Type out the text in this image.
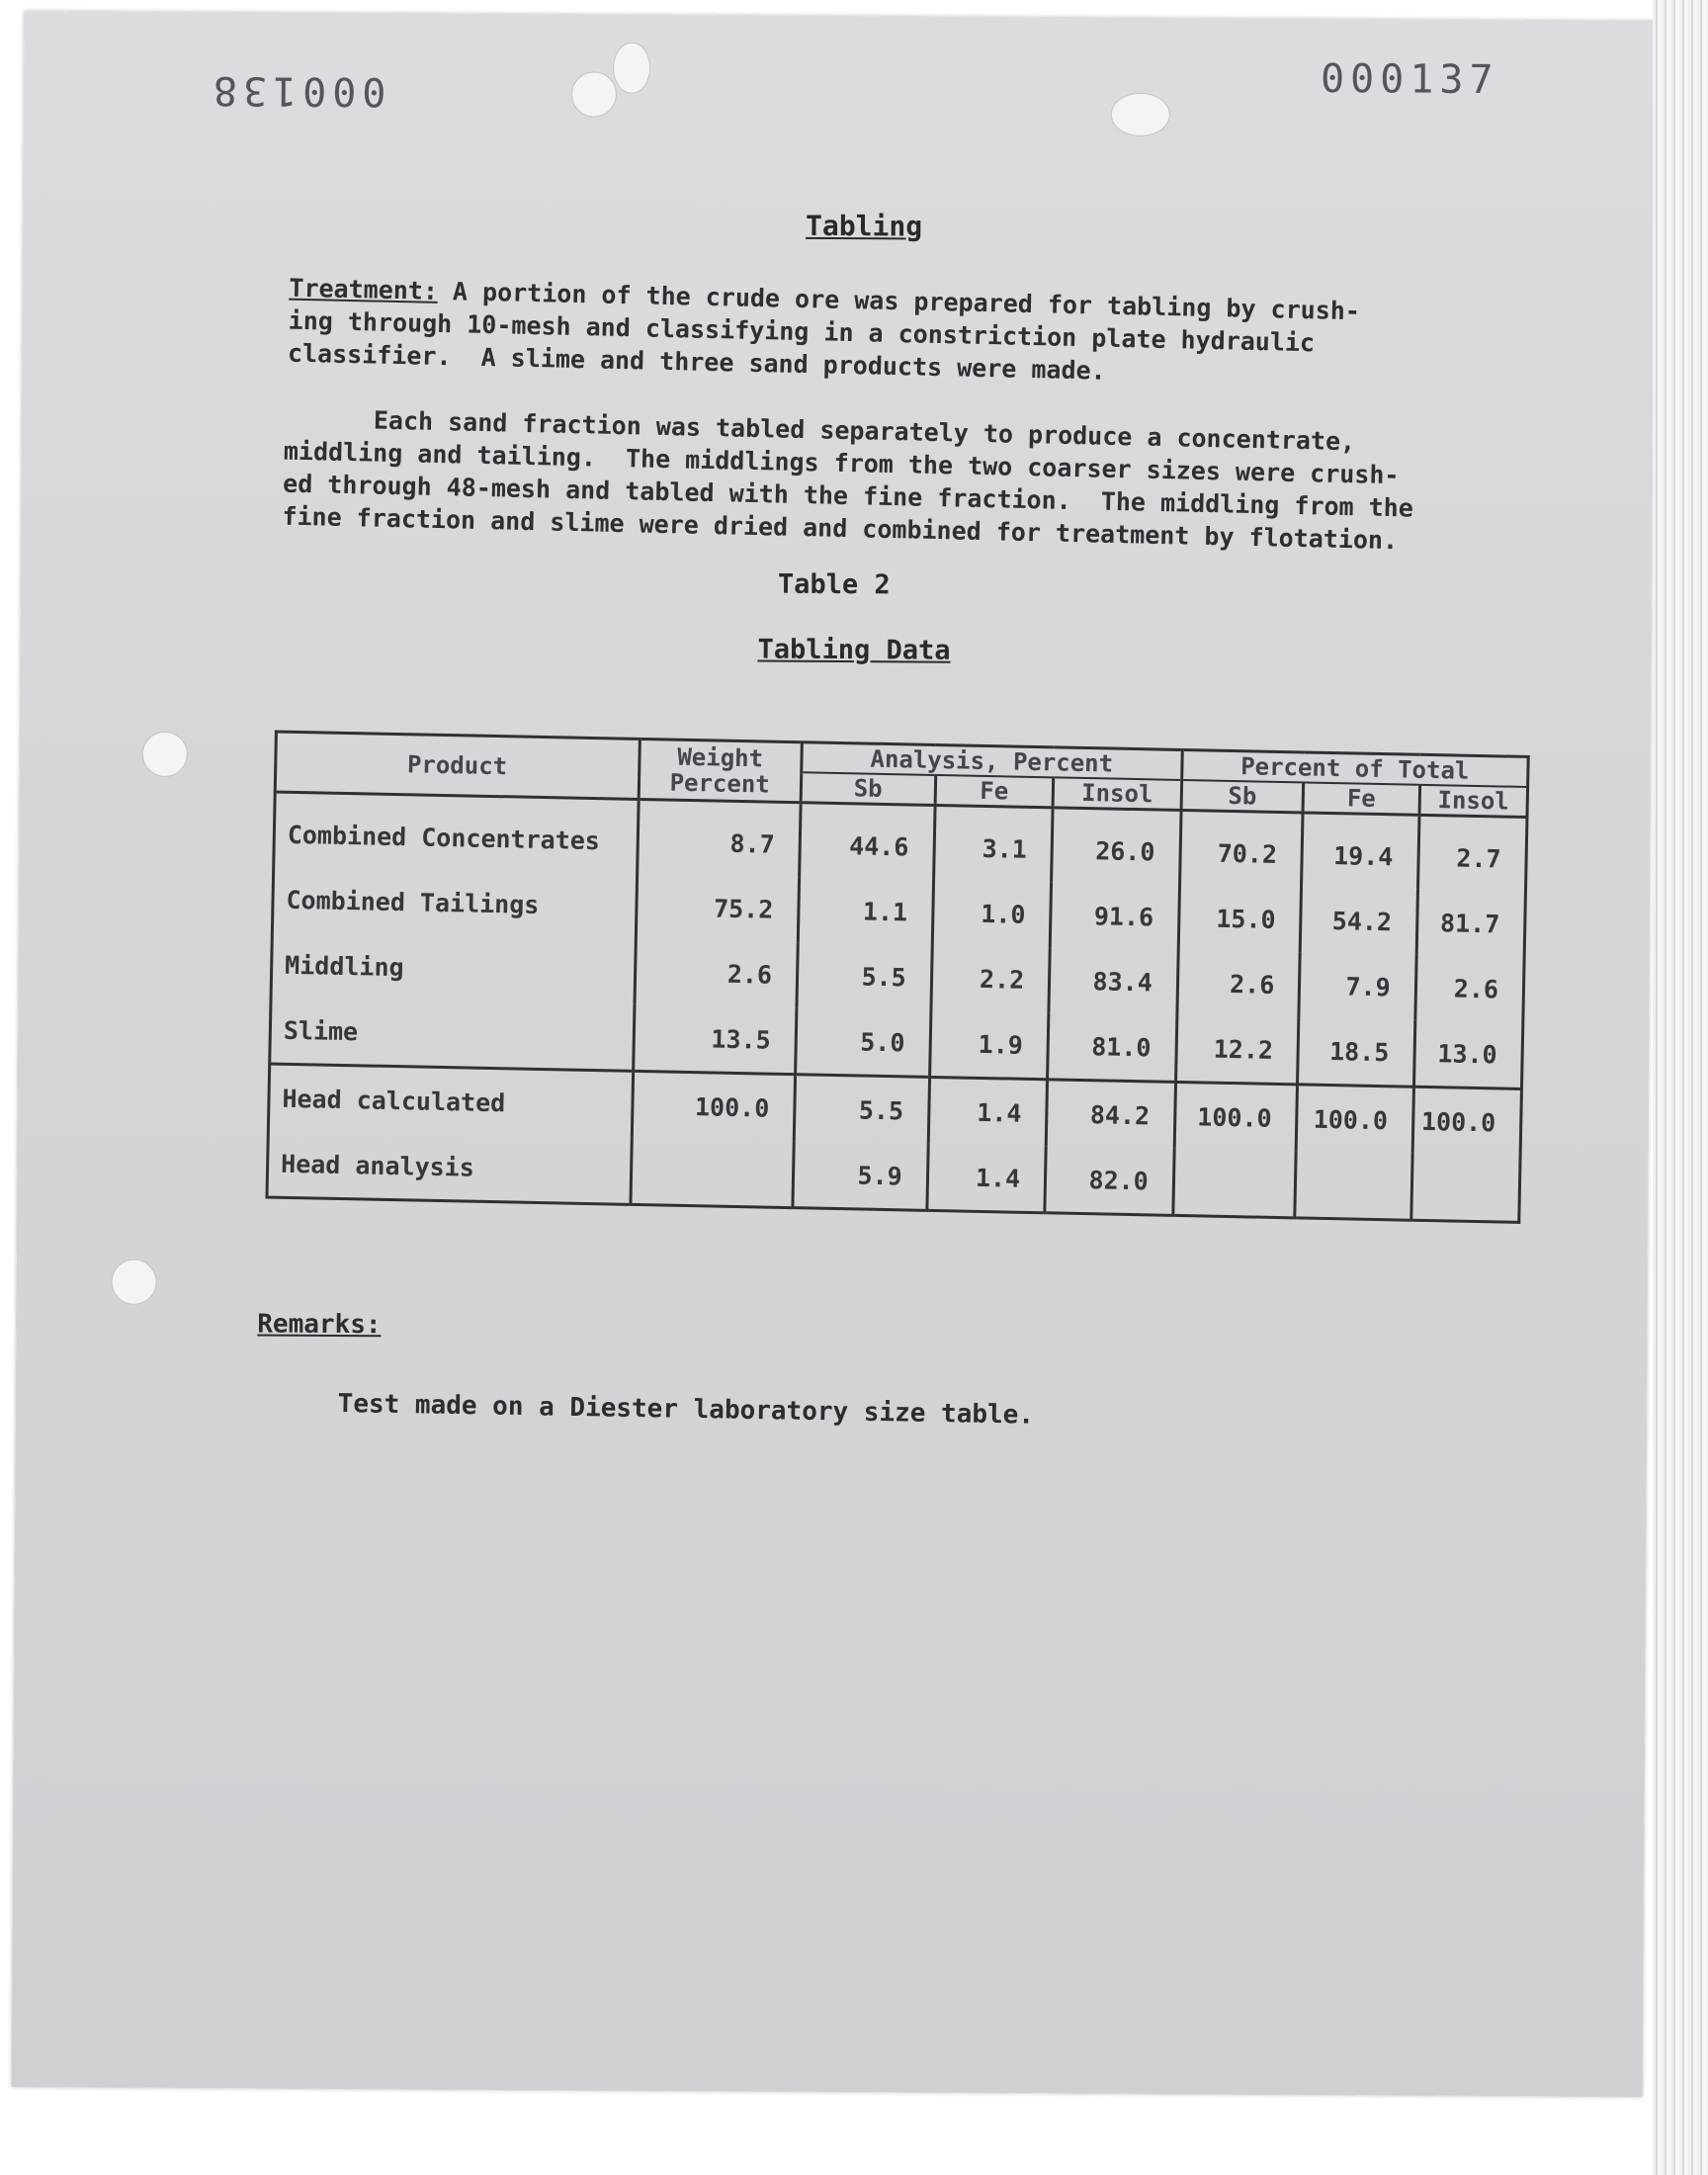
000138	000137
Tabling

Treatment: A portion of the crude ore was prepared for tabling by crush-
ing through 10-mesh and classifying in a constriction plate hydraulic
classifier.  A slime and three sand products were made.

Each sand fraction was tabled separately to produce a concentrate,
middling and tailing.  The middlings from the two coarser sizes were crush-
ed through 48-mesh and tabled with the fine fraction.  The middling from the
fine fraction and slime were dried and combined for treatment by flotation.

Table 2
Tabling Data
Product	Weight Percent	Analysis, Percent			Percent of Total		
		Sb	Fe	Insol	Sb	Fe	Insol
Combined Concentrates	8.7	44.6	3.1	26.0	70.2	19.4	2.7
Combined Tailings	75.2	1.1	1.0	91.6	15.0	54.2	81.7
Middling	2.6	5.5	2.2	83.4	2.6	7.9	2.6
Slime	13.5	5.0	1.9	81.0	12.2	18.5	13.0
Head calculated	100.0	5.5	1.4	84.2	100.0	100.0	100.0
Head analysis		5.9	1.4	82.0			
Remarks:
Test made on a Diester laboratory size table.
